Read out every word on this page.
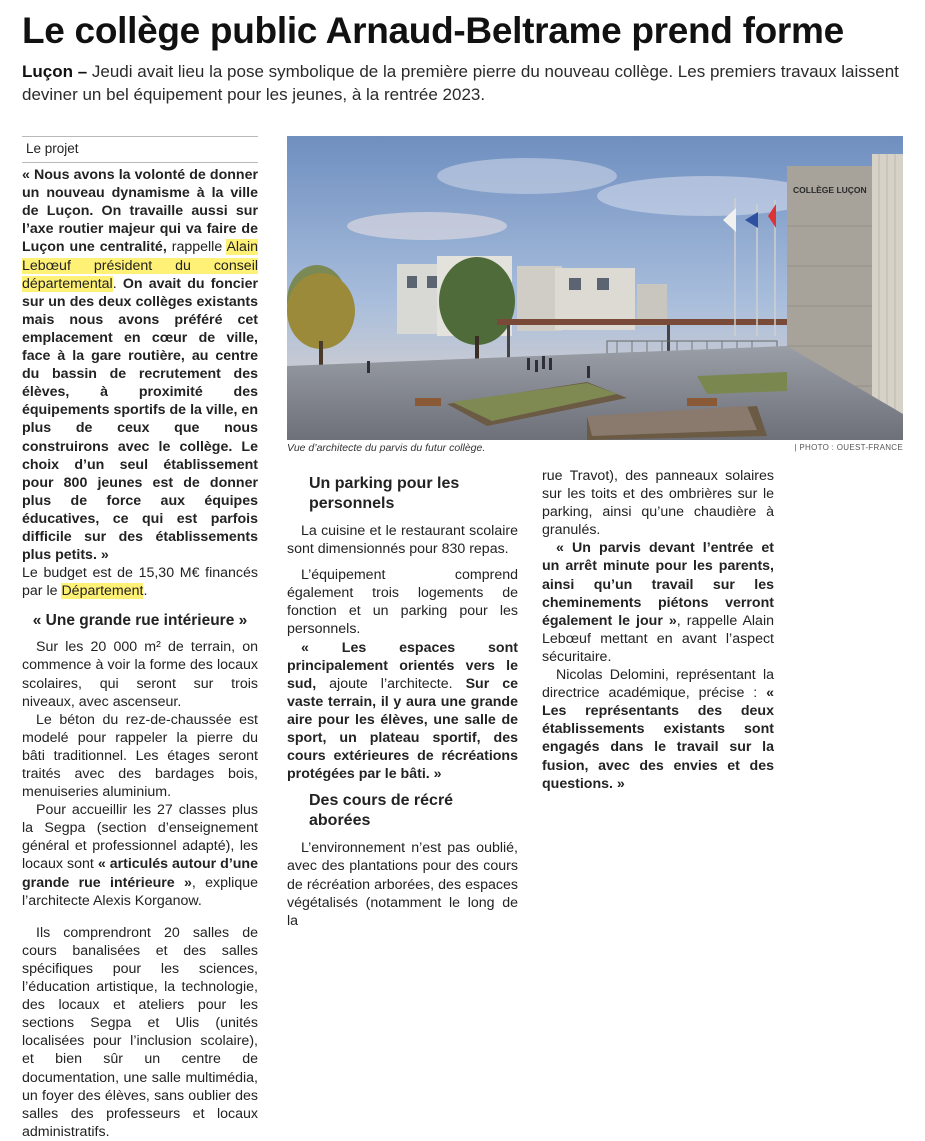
Le collège public Arnaud-Beltrame prend forme
Luçon – Jeudi avait lieu la pose symbolique de la première pierre du nouveau collège. Les premiers travaux laissent deviner un bel équipement pour les jeunes, à la rentrée 2023.
Le projet

« Nous avons la volonté de donner un nouveau dynamisme à la ville de Luçon. On travaille aussi sur l’axe routier majeur qui va faire de Luçon une centralité, rappelle Alain Lebœuf président du conseil départemental. On avait du foncier sur un des deux collèges existants mais nous avons préféré cet emplacement en cœur de ville, face à la gare routière, au centre du bassin de recrutement des élèves, à proximité des équipements sportifs de la ville, en plus de ceux que nous construirons avec le collège. Le choix d’un seul établissement pour 800 jeunes est de donner plus de force aux équipes éducatives, ce qui est parfois difficile sur des établissements plus petits. »

Le budget est de 15,30 M€ financés par le Département.

« Une grande rue intérieure »

Sur les 20 000 m² de terrain, on commence à voir la forme des locaux scolaires, qui seront sur trois niveaux, avec ascenseur.

Le béton du rez-de-chaussée est modelé pour rappeler la pierre du bâti traditionnel. Les étages seront traités avec des bardages bois, menuiseries aluminium.

Pour accueillir les 27 classes plus la Segpa (section d’enseignement général et professionnel adapté), les locaux sont « articulés autour d’une grande rue intérieure », explique l’architecte Alexis Korganow.

Ils comprendront 20 salles de cours banalisées et des salles spécifiques pour les sciences, l’éducation artistique, la technologie, des locaux et ateliers pour les sections Segpa et Ulis (unités localisées pour l’inclusion scolaire), et bien sûr un centre de documentation, une salle multimédia, un foyer des élèves, sans oublier des salles des professeurs et locaux administratifs.

COLLÈGE LUÇON
Vue d’architecte du parvis du futur collège.	| PHOTO : OUEST-FRANCE
Un parking pour les personnels

La cuisine et le restaurant scolaire sont dimensionnés pour 830 repas.

L’équipement comprend également trois logements de fonction et un parking pour les personnels.

« Les espaces sont principalement orientés vers le sud, ajoute l’architecte. Sur ce vaste terrain, il y aura une grande aire pour les élèves, une salle de sport, un plateau sportif, des cours extérieures de récréations protégées par le bâti. »

Des cours de récré aborées

L’environnement n’est pas oublié, avec des plantations pour des cours de récréation arborées, des espaces végétalisés (notamment le long de la

rue Travot), des panneaux solaires sur les toits et des ombrières sur le parking, ainsi qu’une chaudière à granulés.

« Un parvis devant l’entrée et un arrêt minute pour les parents, ainsi qu’un travail sur les cheminements piétons verront également le jour », rappelle Alain Lebœuf mettant en avant l’aspect sécuritaire.

Nicolas Delomini, représentant la directrice académique, précise : « Les représentants des deux établissements existants sont engagés dans le travail sur la fusion, avec des envies et des questions. »
